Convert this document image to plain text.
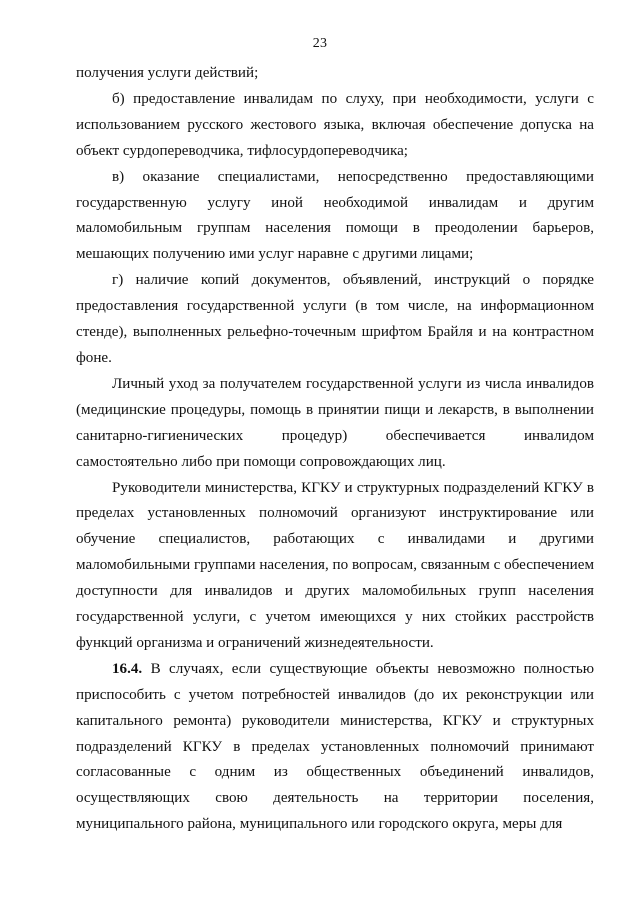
23

получения услуги действий;

б) предоставление инвалидам по слуху, при необходимости, услуги с использованием русского жестового языка, включая обеспечение допуска на объект сурдопереводчика, тифлосурдопереводчика;

в) оказание специалистами, непосредственно предоставляющими государственную услугу иной необходимой инвалидам и другим маломобильным группам населения помощи в преодолении барьеров, мешающих получению ими услуг наравне с другими лицами;

г) наличие копий документов, объявлений, инструкций о порядке предоставления государственной услуги (в том числе, на информационном стенде), выполненных рельефно-точечным шрифтом Брайля и на контрастном фоне.

Личный уход за получателем государственной услуги из числа инвалидов (медицинские процедуры, помощь в принятии пищи и лекарств, в выполнении санитарно-гигиенических процедур) обеспечивается инвалидом самостоятельно либо при помощи сопровождающих лиц.

Руководители министерства, КГКУ и структурных подразделений КГКУ в пределах установленных полномочий организуют инструктирование или обучение специалистов, работающих с инвалидами и другими маломобильными группами населения, по вопросам, связанным с обеспечением доступности для инвалидов и других маломобильных групп населения государственной услуги, с учетом имеющихся у них стойких расстройств функций организма и ограничений жизнедеятельности.

16.4. В случаях, если существующие объекты невозможно полностью приспособить с учетом потребностей инвалидов (до их реконструкции или капитального ремонта) руководители министерства, КГКУ и структурных подразделений КГКУ в пределах установленных полномочий принимают согласованные с одним из общественных объединений инвалидов, осуществляющих свою деятельность на территории поселения, муниципального района, муниципального или городского округа, меры для
